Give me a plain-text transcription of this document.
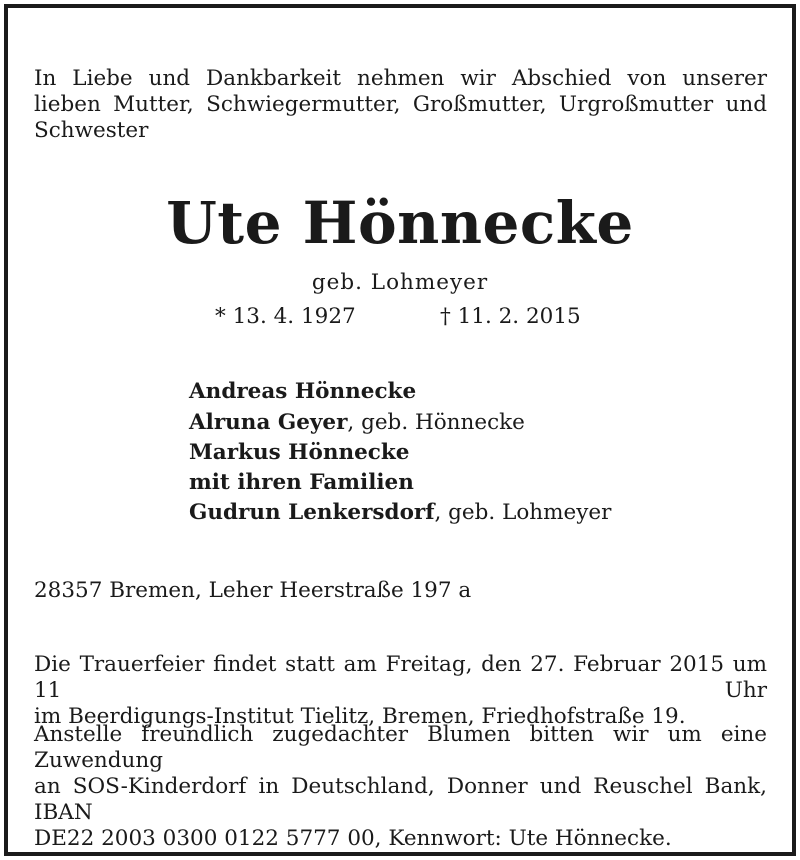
In Liebe und Dankbarkeit nehmen wir Abschied von unserer
lieben Mutter, Schwiegermutter, Großmutter, Urgroßmutter und
Schwester
Ute Hönnecke
geb. Lohmeyer
* 13. 4. 1927	† 11. 2. 2015
Andreas Hönnecke
Alruna Geyer, geb. Hönnecke
Markus Hönnecke
mit ihren Familien
Gudrun Lenkersdorf, geb. Lohmeyer
28357 Bremen, Leher Heerstraße 197 a
Die Trauerfeier findet statt am Freitag, den 27. Februar 2015 um 11 Uhr
im Beerdigungs-Institut Tielitz, Bremen, Friedhofstraße 19.
Anstelle freundlich zugedachter Blumen bitten wir um eine Zuwendung
an SOS-Kinderdorf in Deutschland, Donner und Reuschel Bank, IBAN
DE22 2003 0300 0122 5777 00, Kennwort: Ute Hönnecke.
